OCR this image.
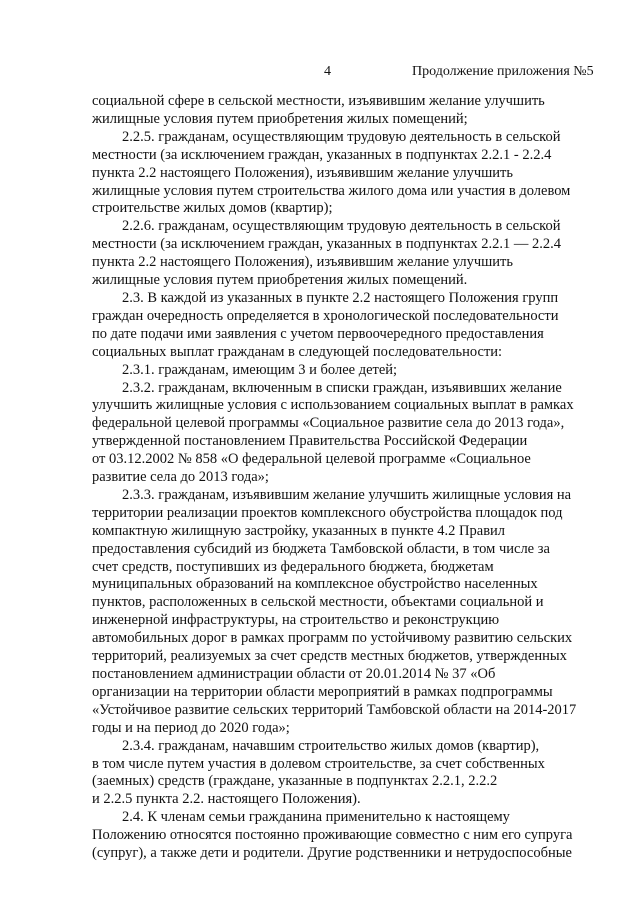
4	Продолжение приложения №5

социальной сфере в сельской местности, изъявившим желание улучшить
жилищные условия путем приобретения жилых помещений;

2.2.5. гражданам, осуществляющим трудовую деятельность в сельской
местности (за исключением граждан, указанных в подпунктах 2.2.1 - 2.2.4
пункта 2.2 настоящего Положения), изъявившим желание улучшить
жилищные условия путем строительства жилого дома или участия в долевом
строительстве жилых домов (квартир);

2.2.6. гражданам, осуществляющим трудовую деятельность в сельской
местности (за исключением граждан, указанных в подпунктах 2.2.1 — 2.2.4
пункта 2.2 настоящего Положения), изъявившим желание улучшить
жилищные условия путем приобретения жилых помещений.

2.3. В каждой из указанных в пункте 2.2 настоящего Положения групп
граждан очередность определяется в хронологической последовательности
по дате подачи ими заявления с учетом первоочередного предоставления
социальных выплат гражданам в следующей последовательности:

2.3.1. гражданам, имеющим 3 и более детей;

2.3.2. гражданам, включенным в списки граждан, изъявивших желание
улучшить жилищные условия с использованием социальных выплат в рамках
федеральной целевой программы «Социальное развитие села до 2013 года»,
утвержденной постановлением Правительства Российской Федерации
от 03.12.2002 № 858 «О федеральной целевой программе «Социальное
развитие села до 2013 года»;

2.3.3. гражданам, изъявившим желание улучшить жилищные условия на
территории реализации проектов комплексного обустройства площадок под
компактную жилищную застройку, указанных в пункте 4.2 Правил
предоставления субсидий из бюджета Тамбовской области, в том числе за
счет средств, поступивших из федерального бюджета, бюджетам
муниципальных образований на комплексное обустройство населенных
пунктов, расположенных в сельской местности, объектами социальной и
инженерной инфраструктуры, на строительство и реконструкцию
автомобильных дорог в рамках программ по устойчивому развитию сельских
территорий, реализуемых за счет средств местных бюджетов, утвержденных
постановлением администрации области от 20.01.2014 № 37 «Об
организации на территории области мероприятий в рамках подпрограммы
«Устойчивое развитие сельских территорий Тамбовской области на 2014-2017
годы и на период до 2020 года»;

2.3.4. гражданам, начавшим строительство жилых домов (квартир),
в том числе путем участия в долевом строительстве, за счет собственных
(заемных) средств (граждане, указанные в подпунктах 2.2.1, 2.2.2
и 2.2.5 пункта 2.2. настоящего Положения).

2.4. К членам семьи гражданина применительно к настоящему
Положению относятся постоянно проживающие совместно с ним его супруга
(супруг), а также дети и родители. Другие родственники и нетрудоспособные
